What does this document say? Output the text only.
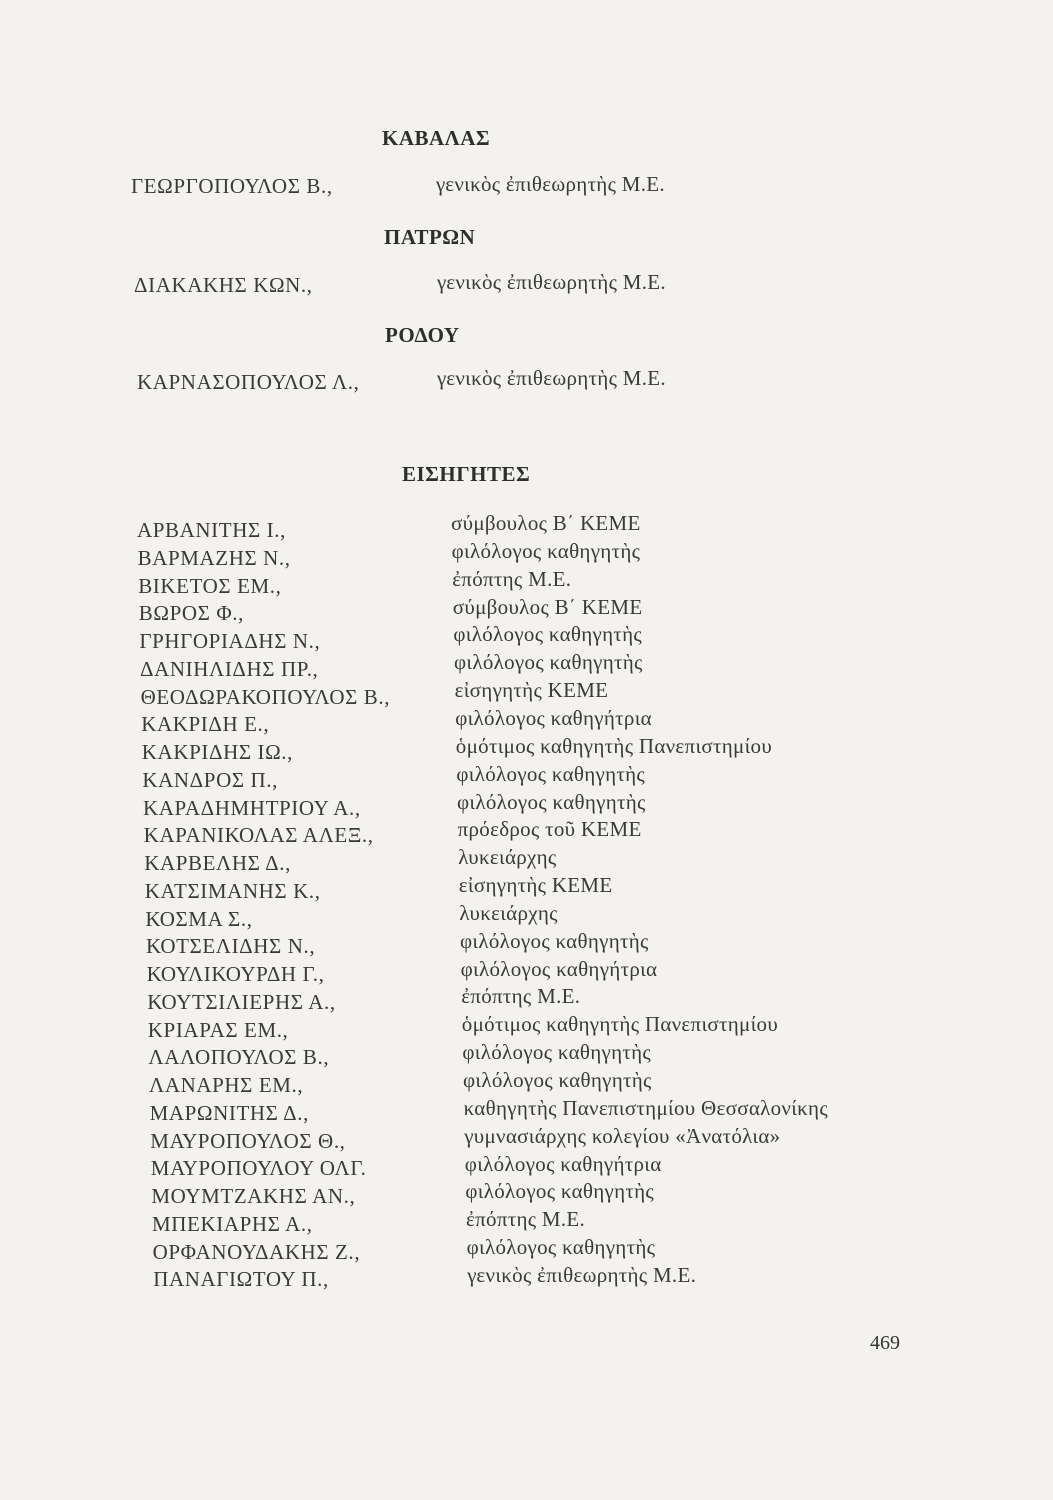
ΚΑΒΑΛΑΣ
ΓΕΩΡΓΟΠΟΥΛΟΣ Β.,	γενικὸς ἐπιθεωρητὴς Μ.Ε.
ΠΑΤΡΩΝ
ΔΙΑΚΑΚΗΣ ΚΩΝ.,	γενικὸς ἐπιθεωρητὴς Μ.Ε.
ΡΟΔΟΥ
ΚΑΡΝΑΣΟΠΟΥΛΟΣ Λ.,	γενικὸς ἐπιθεωρητὴς Μ.Ε.
ΕΙΣΗΓΗΤΕΣ
ΑΡΒΑΝΙΤΗΣ Ι.,	σύμβουλος Β΄ ΚΕΜΕ
ΒΑΡΜΑΖΗΣ Ν.,	φιλόλογος καθηγητὴς
ΒΙΚΕΤΟΣ ΕΜ.,	ἐπόπτης Μ.Ε.
ΒΩΡΟΣ Φ.,	σύμβουλος Β΄ ΚΕΜΕ
ΓΡΗΓΟΡΙΑΔΗΣ Ν.,	φιλόλογος καθηγητὴς
ΔΑΝΙΗΛΙΔΗΣ ΠΡ.,	φιλόλογος καθηγητὴς
ΘΕΟΔΩΡΑΚΟΠΟΥΛΟΣ Β.,	εἰσηγητὴς ΚΕΜΕ
ΚΑΚΡΙΔΗ Ε.,	φιλόλογος καθηγήτρια
ΚΑΚΡΙΔΗΣ ΙΩ.,	ὁμότιμος καθηγητὴς Πανεπιστημίου
ΚΑΝΔΡΟΣ Π.,	φιλόλογος καθηγητὴς
ΚΑΡΑΔΗΜΗΤΡΙΟΥ Α.,	φιλόλογος καθηγητὴς
ΚΑΡΑΝΙΚΟΛΑΣ ΑΛΕΞ.,	πρόεδρος τοῦ ΚΕΜΕ
ΚΑΡΒΕΛΗΣ Δ.,	λυκειάρχης
ΚΑΤΣΙΜΑΝΗΣ Κ.,	εἰσηγητὴς ΚΕΜΕ
ΚΟΣΜΑ Σ.,	λυκειάρχης
ΚΟΤΣΕΛΙΔΗΣ Ν.,	φιλόλογος καθηγητὴς
ΚΟΥΛΙΚΟΥΡΔΗ Γ.,	φιλόλογος καθηγήτρια
ΚΟΥΤΣΙΛΙΕΡΗΣ Α.,	ἐπόπτης Μ.Ε.
ΚΡΙΑΡΑΣ ΕΜ.,	ὁμότιμος καθηγητὴς Πανεπιστημίου
ΛΑΛΟΠΟΥΛΟΣ Β.,	φιλόλογος καθηγητὴς
ΛΑΝΑΡΗΣ ΕΜ.,	φιλόλογος καθηγητὴς
ΜΑΡΩΝΙΤΗΣ Δ.,	καθηγητὴς Πανεπιστημίου Θεσσαλονίκης
ΜΑΥΡΟΠΟΥΛΟΣ Θ.,	γυμνασιάρχης κολεγίου «Ἀνατόλια»
ΜΑΥΡΟΠΟΥΛΟΥ ΟΛΓ.	φιλόλογος καθηγήτρια
ΜΟΥΜΤΖΑΚΗΣ ΑΝ.,	φιλόλογος καθηγητὴς
ΜΠΕΚΙΑΡΗΣ Α.,	ἐπόπτης Μ.Ε.
ΟΡΦΑΝΟΥΔΑΚΗΣ Ζ.,	φιλόλογος καθηγητὴς
ΠΑΝΑΓΙΩΤΟΥ Π.,	γενικὸς ἐπιθεωρητὴς Μ.Ε.
469
